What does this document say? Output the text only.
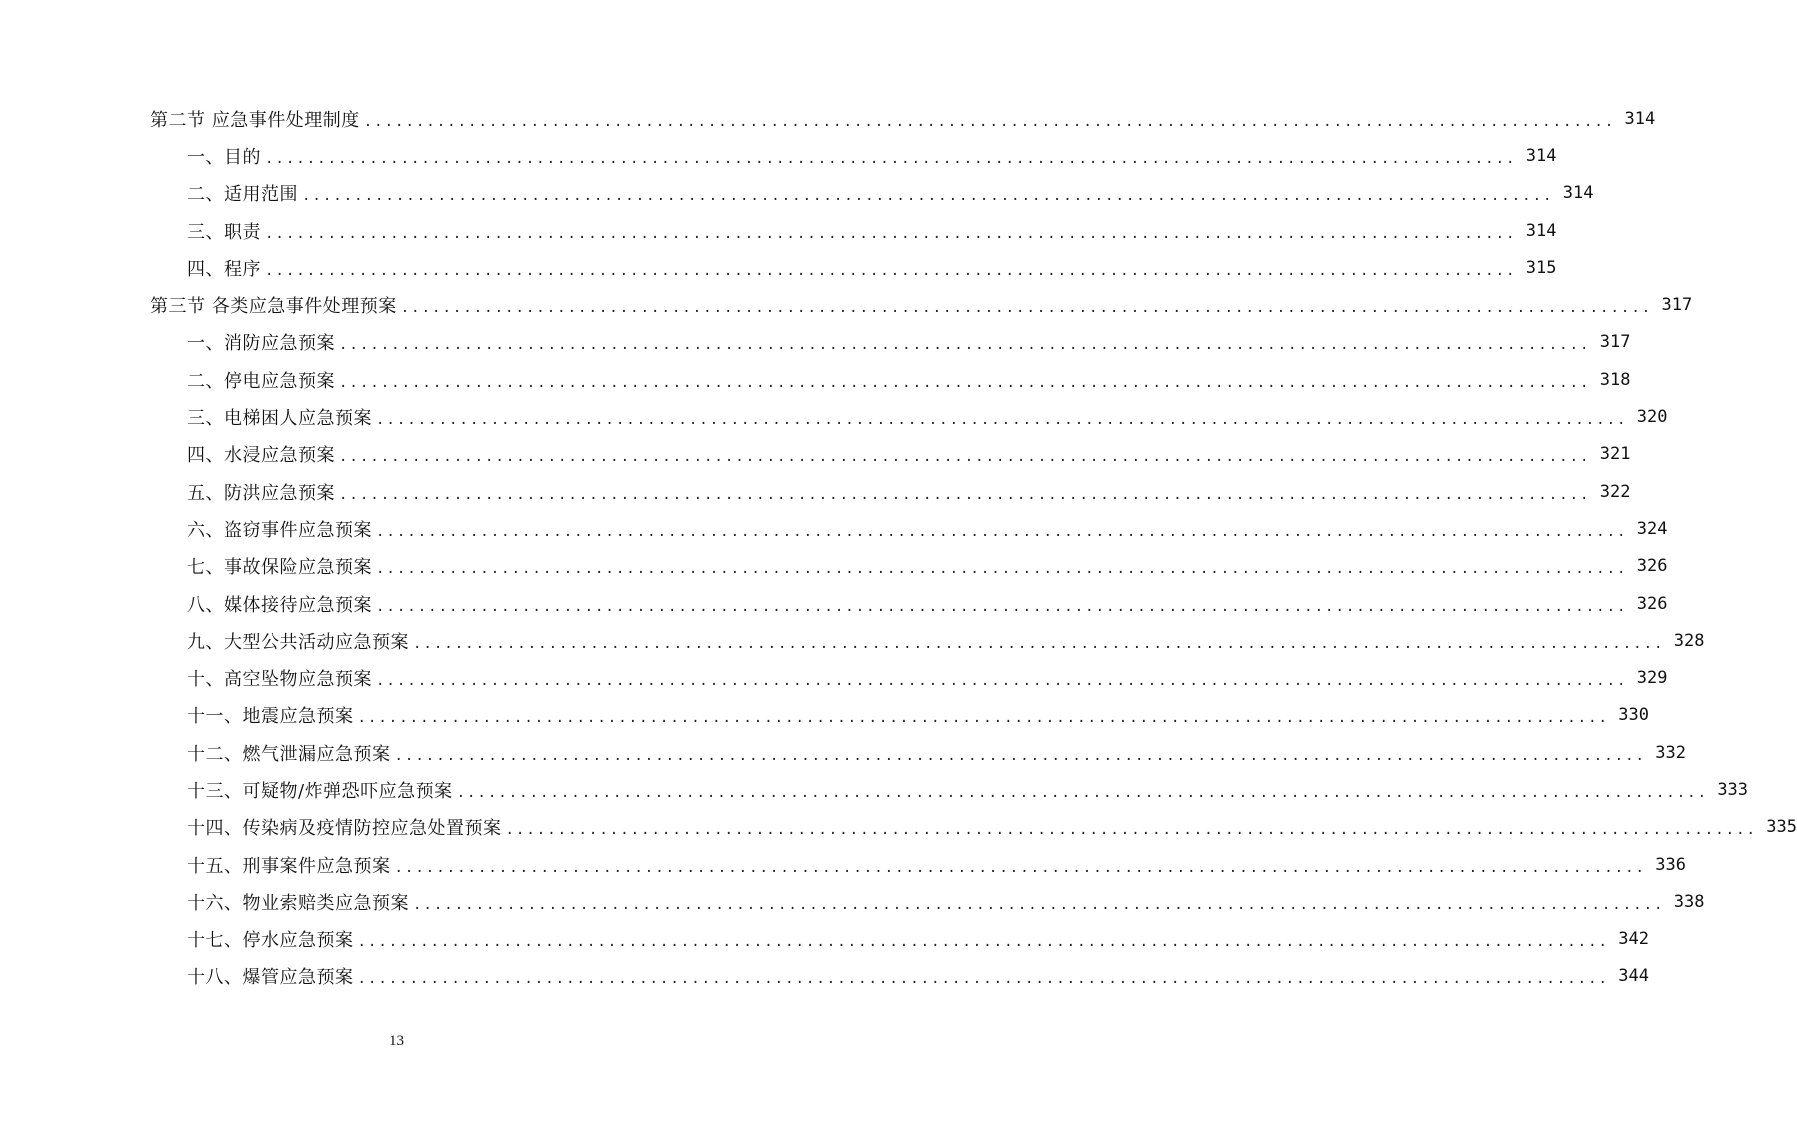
第二节 应急事件处理制度 ........................................................................................................................ 314
一、目的 ........................................................................................................................ 314
二、适用范围 ........................................................................................................................ 314
三、职责 ........................................................................................................................ 314
四、程序 ........................................................................................................................ 315
第三节 各类应急事件处理预案 ........................................................................................................................ 317
一、消防应急预案 ........................................................................................................................ 317
二、停电应急预案 ........................................................................................................................ 318
三、电梯困人应急预案 ........................................................................................................................ 320
四、水浸应急预案 ........................................................................................................................ 321
五、防洪应急预案 ........................................................................................................................ 322
六、盗窃事件应急预案 ........................................................................................................................ 324
七、事故保险应急预案 ........................................................................................................................ 326
八、媒体接待应急预案 ........................................................................................................................ 326
九、大型公共活动应急预案 ........................................................................................................................ 328
十、高空坠物应急预案 ........................................................................................................................ 329
十一、地震应急预案 ........................................................................................................................ 330
十二、燃气泄漏应急预案 ........................................................................................................................ 332
十三、可疑物/炸弹恐吓应急预案 ........................................................................................................................ 333
十四、传染病及疫情防控应急处置预案 ........................................................................................................................ 335
十五、刑事案件应急预案 ........................................................................................................................ 336
十六、物业索赔类应急预案 ........................................................................................................................ 338
十七、停水应急预案 ........................................................................................................................ 342
十八、爆管应急预案 ........................................................................................................................ 344
13
